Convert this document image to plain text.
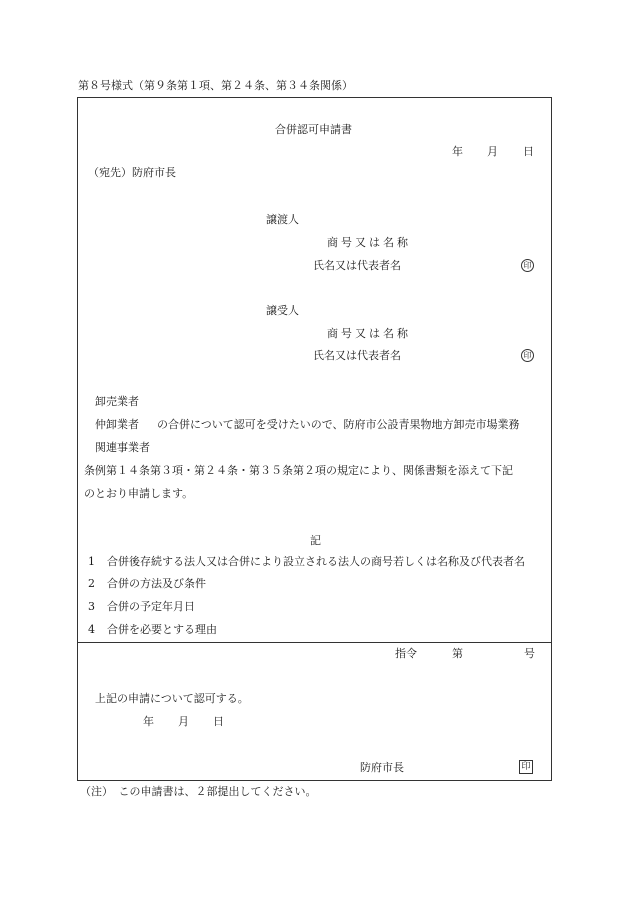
第８号様式（第９条第１項、第２４条、第３４条関係）
合併認可申請書
年 月 日
（宛先）防府市長
譲渡人
商号又は名称
氏名又は代表者名	印
譲受人
商号又は名称
氏名又は代表者名	印
卸売業者
仲卸業者 の合併について認可を受けたいので、防府市公設青果物地方卸売市場業務
関連事業者
条例第１４条第３項・第２４条・第３５条第２項の規定により、関係書類を添えて下記
のとおり申請します。
記
1 合併後存続する法人又は合併により設立される法人の商号若しくは名称及び代表者名
2 合併の方法及び条件
3 合併の予定年月日
4 合併を必要とする理由
指令	第	号
上記の申請について認可する。
年 月 日
防府市長	印
（注）　この申請書は、２部提出してください。
